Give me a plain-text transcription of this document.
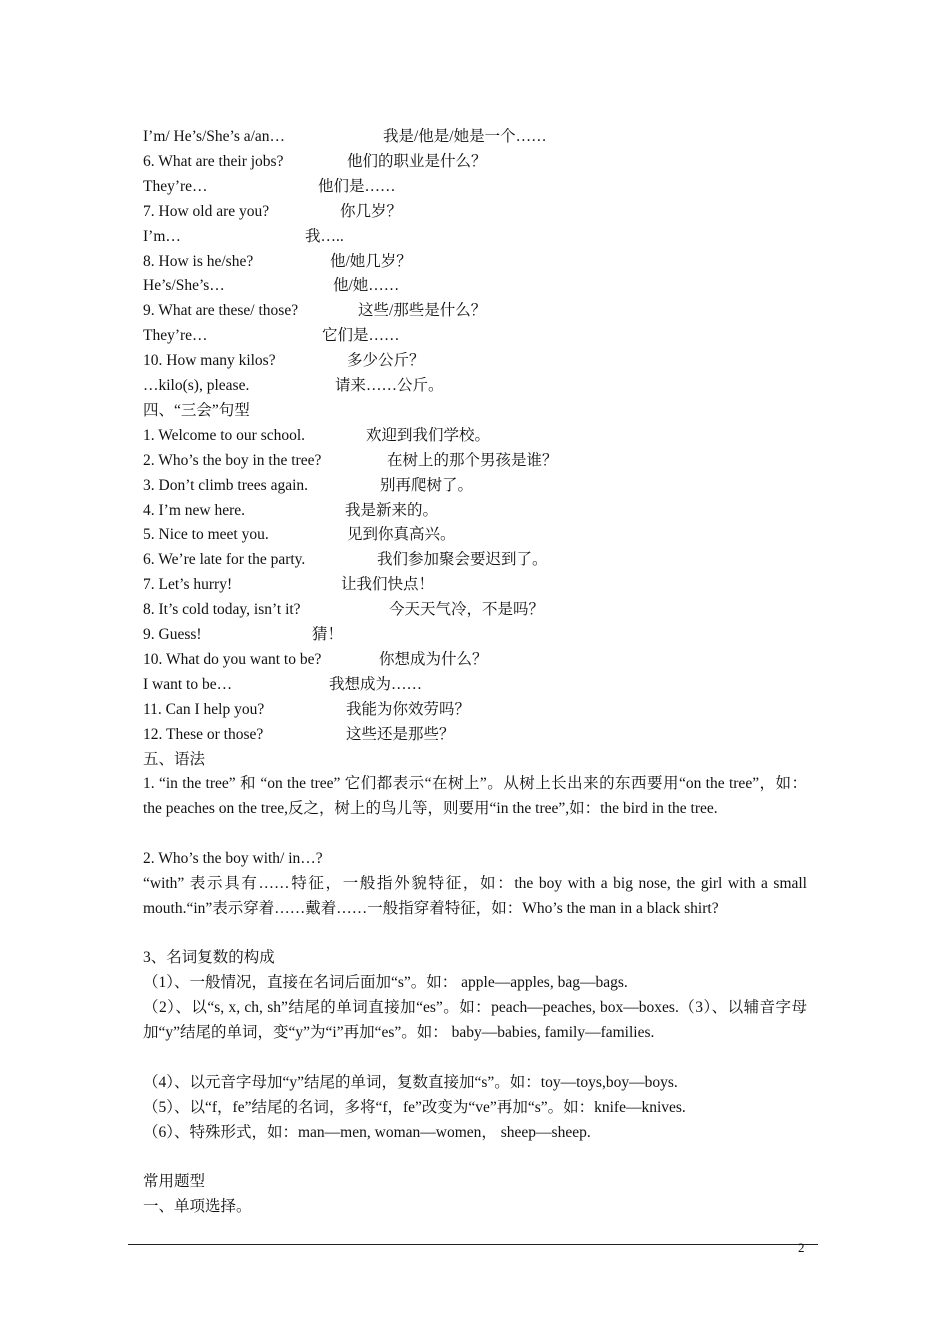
I’m/ He’s/She’s a/an…	我是/他是/她是一个……
6. What are their jobs?	他们的职业是什么？
They’re…	他们是……
7. How old are you?	你几岁？
I’m…	我…..
8. How is he/she?	他/她几岁？
He’s/She’s…	他/她……
9. What are these/ those?	这些/那些是什么？
They’re…	它们是……
10. How many kilos?	多少公斤？
…kilo(s), please.	请来……公斤。
四、“三会”句型
1. Welcome to our school.	欢迎到我们学校。
2. Who’s the boy in the tree?	在树上的那个男孩是谁？
3. Don’t climb trees again.	别再爬树了。
4. I’m new here.	我是新来的。
5. Nice to meet you.	见到你真高兴。
6. We’re late for the party.	我们参加聚会要迟到了。
7. Let’s hurry!	让我们快点！
8. It’s cold today, isn’t it?	今天天气冷，不是吗？
9. Guess!	猜！
10. What do you want to be?	你想成为什么？
I want to be…	我想成为……
11. Can I help you?	我能为你效劳吗？
12. These or those?	这些还是那些？
五、语法
1. “in the tree” 和 “on the tree” 它们都表示“在树上”。从树上长出来的东西要用“on the tree”，如：the peaches on the tree,反之，树上的鸟儿等，则要用“in the tree”,如：the bird in the tree.
2. Who’s the boy with/ in…?
“with” 表示具有……特征，一般指外貌特征，如：the boy with a big nose, the girl with a small mouth.“in”表示穿着……戴着……一般指穿着特征，如：Who’s the man in a black shirt?
3、名词复数的构成
（1）、一般情况，直接在名词后面加“s”。如： apple—apples, bag—bags.
（2）、以“s, x, ch, sh”结尾的单词直接加“es”。如：peach—peaches, box—boxes.（3）、以辅音字母加“y”结尾的单词，变“y”为“i”再加“es”。如： baby—babies, family—families.
（4）、以元音字母加“y”结尾的单词，复数直接加“s”。如：toy—toys,boy—boys.
（5）、以“f，fe”结尾的名词，多将“f，fe”改变为“ve”再加“s”。如：knife—knives.
（6）、特殊形式，如：man—men, woman—women， sheep—sheep.
常用题型
一、单项选择。
2
